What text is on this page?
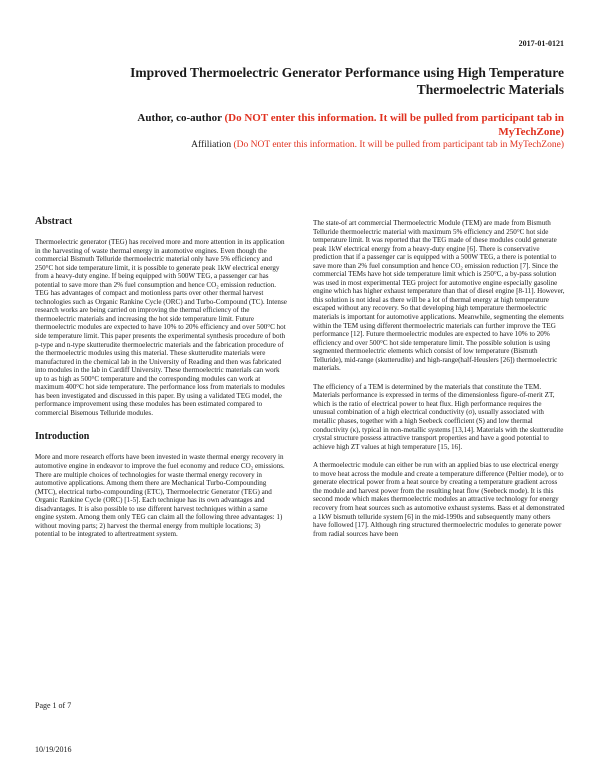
2017-01-0121
Improved Thermoelectric Generator Performance using High Temperature
Thermoelectric Materials
Author, co-author (Do NOT enter this information. It will be pulled from participant tab in MyTechZone)
Affiliation (Do NOT enter this information. It will be pulled from participant tab in MyTechZone)
Abstract

Thermoelectric generator (TEG) has received more and more attention in its application in the harvesting of waste thermal energy in automotive engines. Even though the commercial Bismuth Telluride thermoelectric material only have 5% efficiency and 250°C hot side temperature limit, it is possible to generate peak 1kW electrical energy from a heavy-duty engine. If being equipped with 500W TEG, a passenger car has potential to save more than 2% fuel consumption and hence CO₂ emission reduction. TEG has advantages of compact and motionless parts over other thermal harvest technologies such as Organic Rankine Cycle (ORC) and Turbo-Compound (TC). Intense research works are being carried on improving the thermal efficiency of the thermoelectric materials and increasing the hot side temperature limit. Future thermoelectric modules are expected to have 10% to 20% efficiency and over 500°C hot side temperature limit. This paper presents the experimental synthesis procedure of both p-type and n-type skutterudite thermoelectric materials and the fabrication procedure of the thermoelectric modules using this material. These skutterudite materials were manufactured in the chemical lab in the University of Reading and then was fabricated into modules in the lab in Cardiff University. These thermoelectric materials can work up to as high as 500°C temperature and the corresponding modules can work at maximum 400°C hot side temperature. The performance loss from materials to modules has been investigated and discussed in this paper. By using a validated TEG model, the performance improvement using these modules has been estimated compared to commercial Bisemous Telluride modules.

Introduction

More and more research efforts have been invested in waste thermal energy recovery in automotive engine in endeavor to improve the fuel economy and reduce CO₂ emissions. There are multiple choices of technologies for waste thermal energy recovery in automotive applications. Among them there are Mechanical Turbo-Compounding (MTC), electrical turbo-compounding (ETC), Thermoelectric Generator (TEG) and Organic Rankine Cycle (ORC) [1-5]. Each technique has its own advantages and disadvantages. It is also possible to use different harvest techniques within a same engine system. Among them only TEG can claim all the following three advantages: 1) without moving parts; 2) harvest the thermal energy from multiple locations; 3) potential to be integrated to aftertreatment system.

The state-of art commercial Thermoelectric Module (TEM) are made from Bismuth Telluride thermoelectric material with maximum 5% efficiency and 250°C hot side temperature limit. It was reported that the TEG made of these modules could generate peak 1kW electrical energy from a heavy-duty engine [6]. There is conservative prediction that if a passenger car is equipped with a 500W TEG, a there is potential to save more than 2% fuel consumption and hence CO₂ emission reduction [7]. Since the commercial TEMs have hot side temperature limit which is 250°C, a by-pass solution was used in most experimental TEG project for automotive engine especially gasoline engine which has higher exhaust temperature than that of diesel engine [8-11]. However, this solution is not ideal as there will be a lot of thermal energy at high temperature escaped without any recovery. So that developing high temperature thermoelectric materials is important for automotive applications. Meanwhile, segmenting the elements within the TEM using different thermoelectric materials can further improve the TEG performance [12]. Future thermoelectric modules are expected to have 10% to 20% efficiency and over 500°C hot side temperature limit. The possible solution is using segmented thermoelectric elements which consist of low temperature (Bismuth Telluride), mid-range (skutterudite) and high-range(half-Heuslers [26]) thermoelectric materials.

The efficiency of a TEM is determined by the materials that constitute the TEM. Materials performance is expressed in terms of the dimensionless figure-of-merit ZT, which is the ratio of electrical power to heat flux. High performance requires the unusual combination of a high electrical conductivity (σ), usually associated with metallic phases, together with a high Seebeck coefficient (S) and low thermal conductivity (κ), typical in non-metallic systems [13,14]. Materials with the skutterudite crystal structure possess attractive transport properties and have a good potential to achieve high ZT values at high temperature [15, 16].

A thermoelectric module can either be run with an applied bias to use electrical energy to move heat across the module and create a temperature difference (Peltier mode), or to generate electrical power from a heat source by creating a temperature gradient across the module and harvest power from the resulting heat flow (Seebeck mode). It is this second mode which makes thermoelectric modules an attractive technology for energy recovery from heat sources such as automotive exhaust systems. Bass et al demonstrated a 1kW bismuth telluride system [6] in the mid-1990s and subsequently many others have followed [17]. Although ring structured thermoelectric modules to generate power from radial sources have been

Page 1 of 7
10/19/2016
